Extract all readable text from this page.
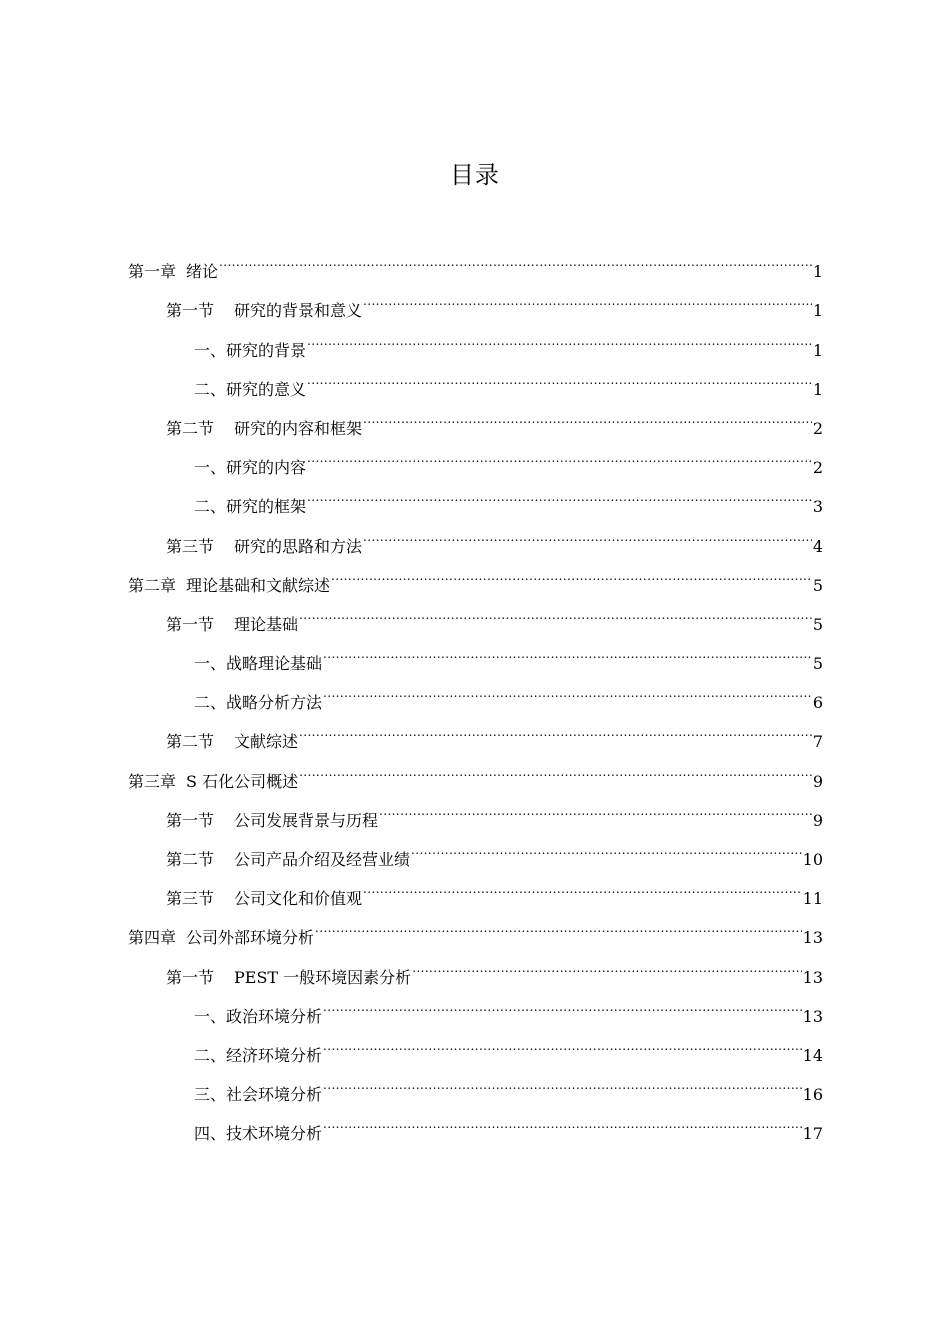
目录
第一章 绪论 .....	1
第一节 研究的背景和意义 .....	1
一、研究的背景 .....	1
二、研究的意义 .....	1
第二节 研究的内容和框架 .....	2
一、研究的内容 .....	2
二、研究的框架 .....	3
第三节 研究的思路和方法 .....	4
第二章 理论基础和文献综述 .....	5
第一节 理论基础 .....	5
一、战略理论基础 .....	5
二、战略分析方法 .....	6
第二节 文献综述 .....	7
第三章 S 石化公司概述 .....	9
第一节 公司发展背景与历程 .....	9
第二节 公司产品介绍及经营业绩 .....	10
第三节 公司文化和价值观 .....	11
第四章 公司外部环境分析 .....	13
第一节 PEST 一般环境因素分析 .....	13
一、政治环境分析 .....	13
二、经济环境分析 .....	14
三、社会环境分析 .....	16
四、技术环境分析 .....	17
